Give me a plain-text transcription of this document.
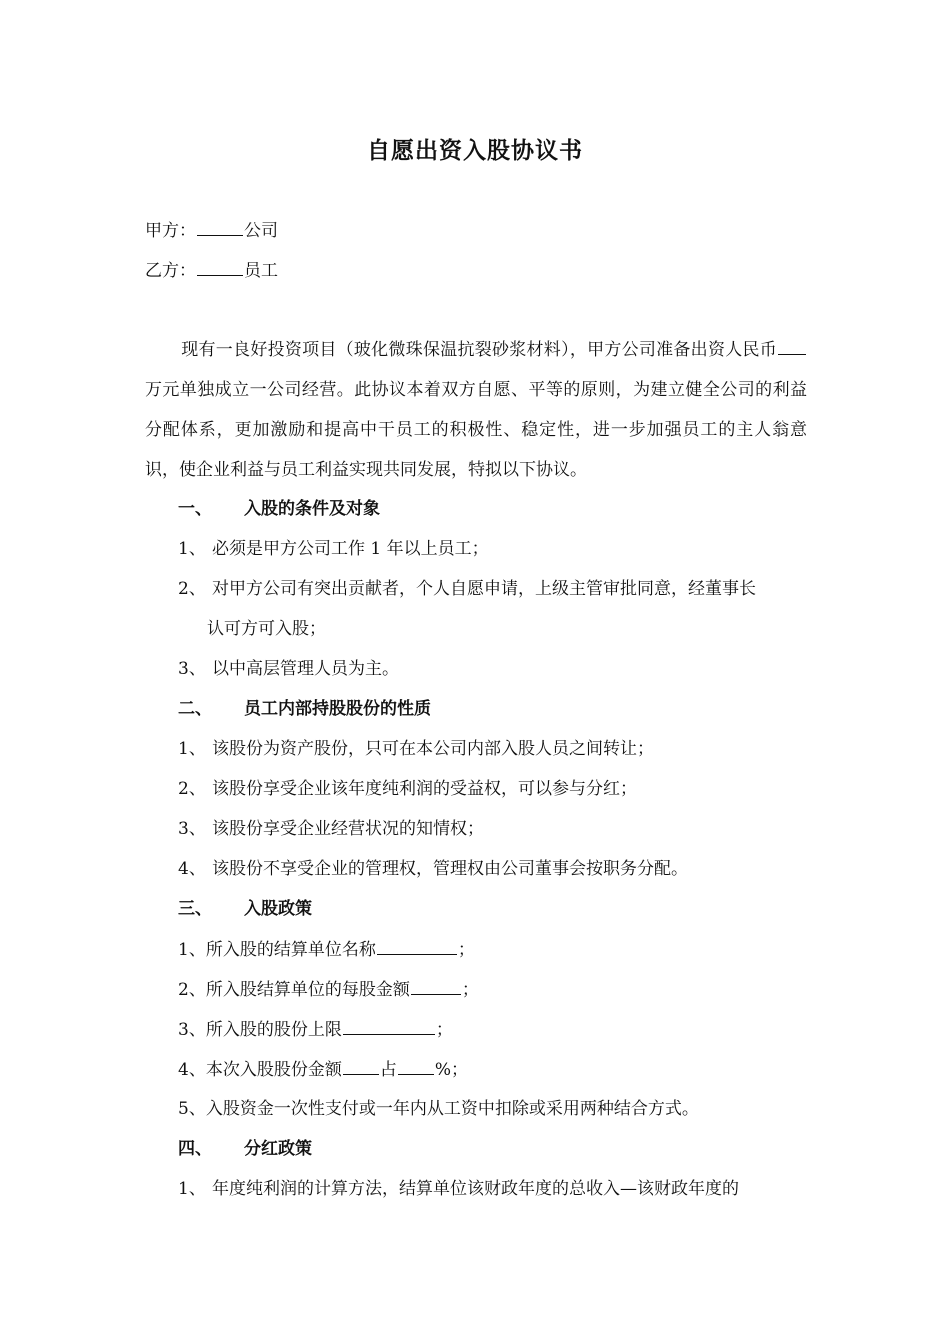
自愿出资入股协议书
甲方：	公司
乙方：	员工
现有一良好投资项目（玻化微珠保温抗裂砂浆材料），甲方公司准备出资人民币万元单独成立一公司经营。此协议本着双方自愿、平等的原则，为建立健全公司的利益分配体系，更加激励和提高中干员工的积极性、稳定性，进一步加强员工的主人翁意识，使企业利益与员工利益实现共同发展，特拟以下协议。
一、 入股的条件及对象
1、 必须是甲方公司工作 1 年以上员工；
2、 对甲方公司有突出贡献者，个人自愿申请，上级主管审批同意，经董事长
认可方可入股；
3、 以中高层管理人员为主。
二、 员工内部持股股份的性质
1、 该股份为资产股份，只可在本公司内部入股人员之间转让；
2、 该股份享受企业该年度纯利润的受益权，可以参与分红；
3、 该股份享受企业经营状况的知情权；
4、 该股份不享受企业的管理权，管理权由公司董事会按职务分配。
三、 入股政策
1、所入股的结算单位名称	；
2、所入股结算单位的每股金额	；
3、所入股的股份上限	；
4、本次入股股份金额 占 %；
5、入股资金一次性支付或一年内从工资中扣除或采用两种结合方式。
四、 分红政策
1、 年度纯利润的计算方法，结算单位该财政年度的总收入—该财政年度的
